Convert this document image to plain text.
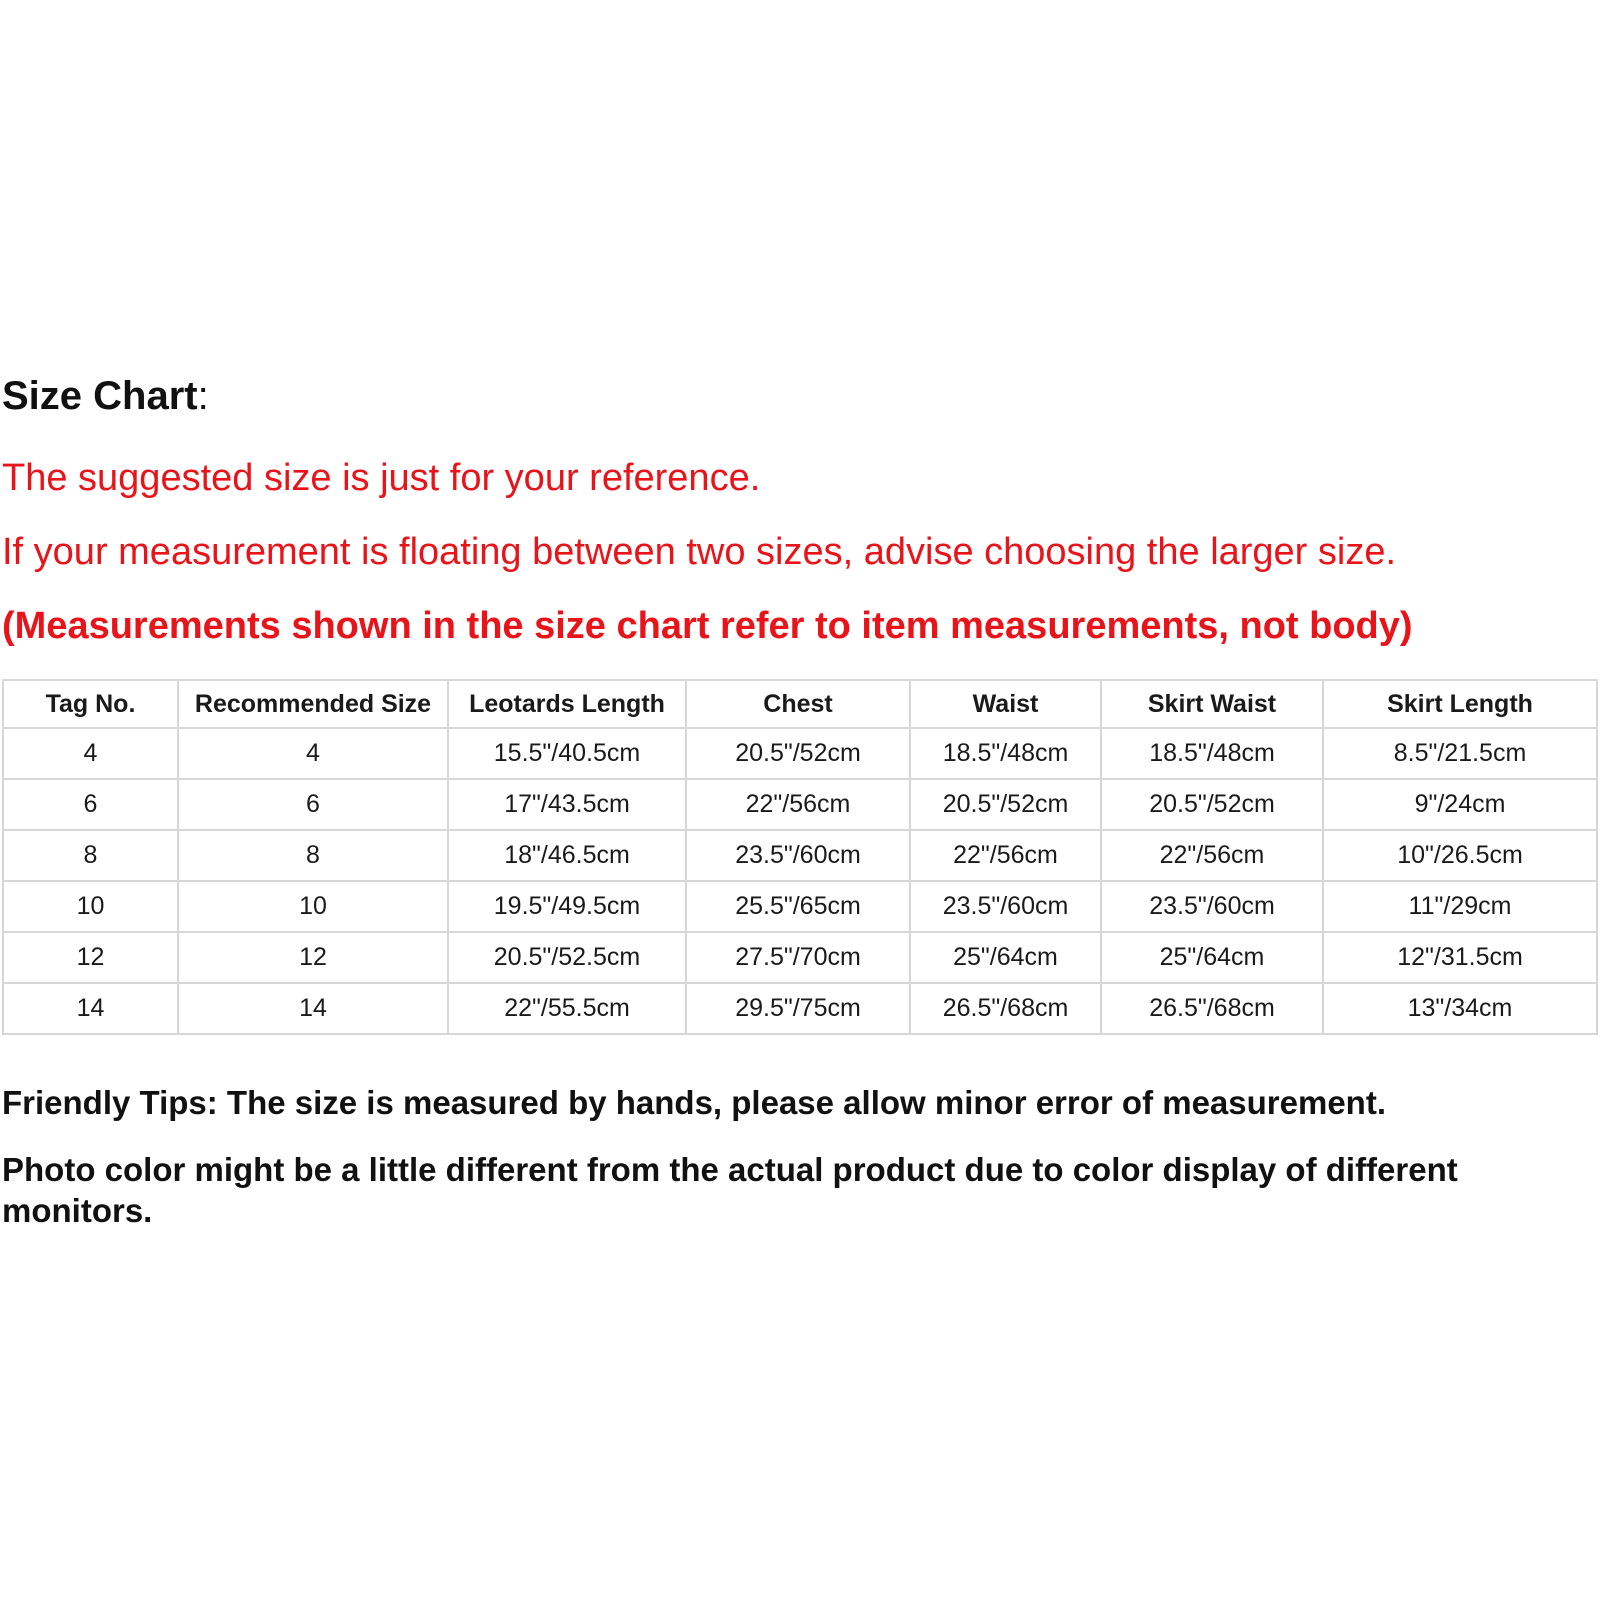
Size Chart:

The suggested size is just for your reference.

If your measurement is floating between two sizes, advise choosing the larger size.

(Measurements shown in the size chart refer to item measurements, not body)

Tag No.	Recommended Size	Leotards Length	Chest	Waist	Skirt Waist	Skirt Length
4	4	15.5"/40.5cm	20.5"/52cm	18.5"/48cm	18.5"/48cm	8.5"/21.5cm
6	6	17"/43.5cm	22"/56cm	20.5"/52cm	20.5"/52cm	9"/24cm
8	8	18"/46.5cm	23.5"/60cm	22"/56cm	22"/56cm	10"/26.5cm
10	10	19.5"/49.5cm	25.5"/65cm	23.5"/60cm	23.5"/60cm	11"/29cm
12	12	20.5"/52.5cm	27.5"/70cm	25"/64cm	25"/64cm	12"/31.5cm
14	14	22"/55.5cm	29.5"/75cm	26.5"/68cm	26.5"/68cm	13"/34cm

Friendly Tips: The size is measured by hands, please allow minor error of measurement.

Photo color might be a little different from the actual product due to color display of different monitors.
